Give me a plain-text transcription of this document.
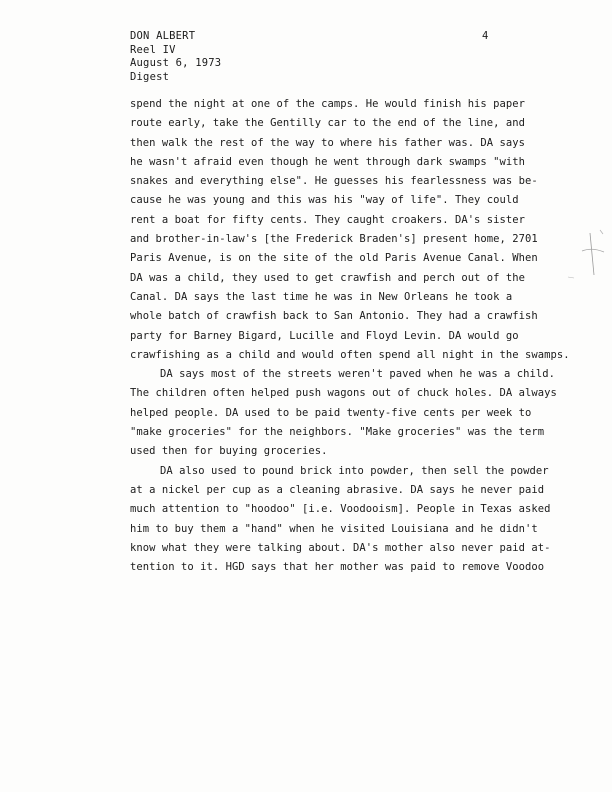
DON ALBERT
Reel IV
August 6, 1973
Digest
4
spend the night at one of the camps. He would finish his paper
route early, take the Gentilly car to the end of the line, and
then walk the rest of the way to where his father was. DA says
he wasn't afraid even though he went through dark swamps "with
snakes and everything else". He guesses his fearlessness was be-
cause he was young and this was his "way of life". They could
rent a boat for fifty cents. They caught croakers. DA's sister
and brother-in-law's [the Frederick Braden's] present home, 2701
Paris Avenue, is on the site of the old Paris Avenue Canal. When
DA was a child, they used to get crawfish and perch out of the
Canal. DA says the last time he was in New Orleans he took a
whole batch of crawfish back to San Antonio. They had a crawfish
party for Barney Bigard, Lucille and Floyd Levin. DA would go
crawfishing as a child and would often spend all night in the swamps.
DA says most of the streets weren't paved when he was a child.
The children often helped push wagons out of chuck holes. DA always
helped people. DA used to be paid twenty-five cents per week to
"make groceries" for the neighbors. "Make groceries" was the term
used then for buying groceries.
DA also used to pound brick into powder, then sell the powder
at a nickel per cup as a cleaning abrasive. DA says he never paid
much attention to "hoodoo" [i.e. Voodooism]. People in Texas asked
him to buy them a "hand" when he visited Louisiana and he didn't
know what they were talking about. DA's mother also never paid at-
tention to it. HGD says that her mother was paid to remove Voodoo
